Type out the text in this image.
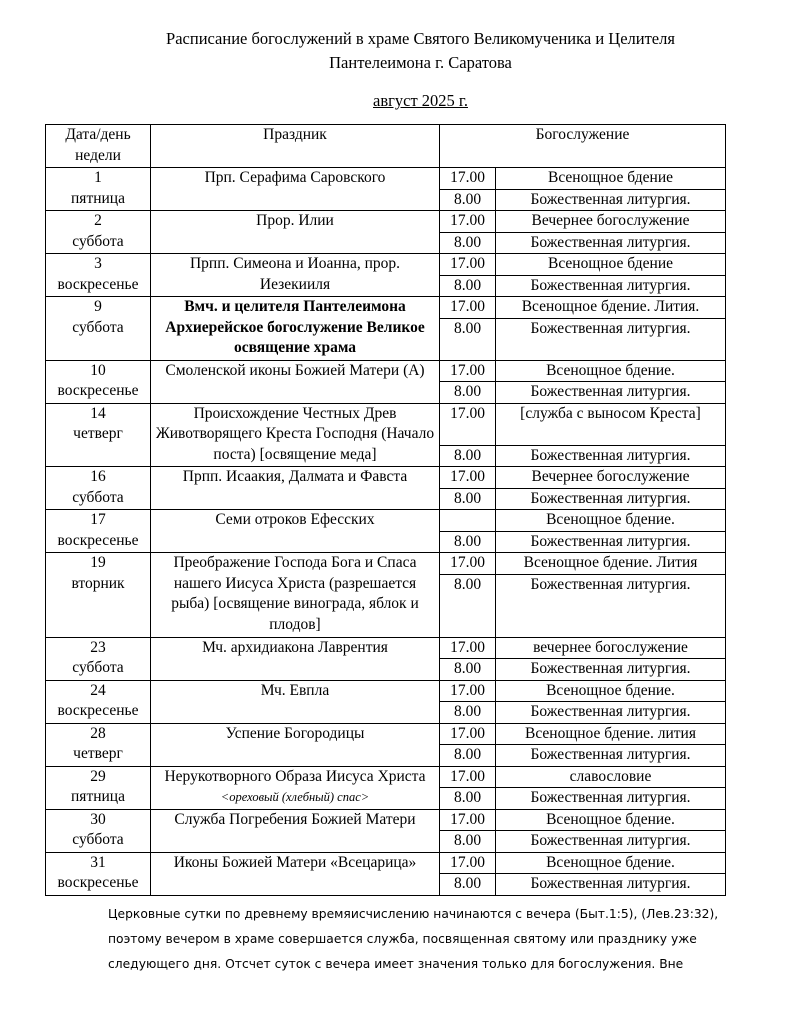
Расписание богослужений в храме Святого Великомученика и Целителя
Пантелеимона г. Саратова
август 2025 г.
Дата/день недели	Праздник	Богослужение	

1
пятница	Прп. Серафима Саровского	17.00	Всенощное бдение
		8.00	Божественная литургия.

2
суббота	Прор. Илии	17.00	Вечернее богослужение
		8.00	Божественная литургия.

3
воскресенье	Прпп. Симеона и Иоанна, прор. Иезекииля	17.00	Всенощное бдение
		8.00	Божественная литургия.

9
суббота	Вмч. и целителя Пантелеимона Архиерейское богослужение Великое освящение храма	17.00	Всенощное бдение. Лития.
		8.00	Божественная литургия.

10
воскресенье	Смоленской иконы Божией Матери (А)	17.00	Всенощное бдение.
		8.00	Божественная литургия.

14
четверг	Происхождение Честных Древ Животворящего Креста Господня (Начало поста) [освящение меда]	17.00	[служба с выносом Креста]
		8.00	Божественная литургия.

16
суббота	Прпп. Исаакия, Далмата и Фавста	17.00	Вечернее богослужение
		8.00	Божественная литургия.

17
воскресенье	Семи отроков Ефесских		Всенощное бдение.
		8.00	Божественная литургия.

19
вторник	Преображение Господа Бога и Спаса нашего Иисуса Христа (разрешается рыба) [освящение винограда, яблок и плодов]	17.00	Всенощное бдение. Лития
		8.00	Божественная литургия.

23
суббота	Мч. архидиакона Лаврентия	17.00	вечернее богослужение
		8.00	Божественная литургия.

24
воскресенье	Мч. Евпла	17.00	Всенощное бдение.
		8.00	Божественная литургия.

28
четверг	Успение Богородицы	17.00	Всенощное бдение. лития
		8.00	Божественная литургия.

29
пятница	Нерукотворного Образа Иисуса Христа <ореховый (хлебный) спас>	17.00	славословие
		8.00	Божественная литургия.

30
суббота	Служба Погребения Божией Матери	17.00	Всенощное бдение.
		8.00	Божественная литургия.

31
воскресенье	Иконы Божией Матери «Всецарица»	17.00	Всенощное бдение.
		8.00	Божественная литургия.
Церковные сутки по древнему времяисчислению начинаются с вечера (Быт.1:5), (Лев.23:32),
поэтому вечером в храме совершается служба, посвященная святому или празднику уже
следующего дня. Отсчет суток с вечера имеет значения только для богослужения. Вне
